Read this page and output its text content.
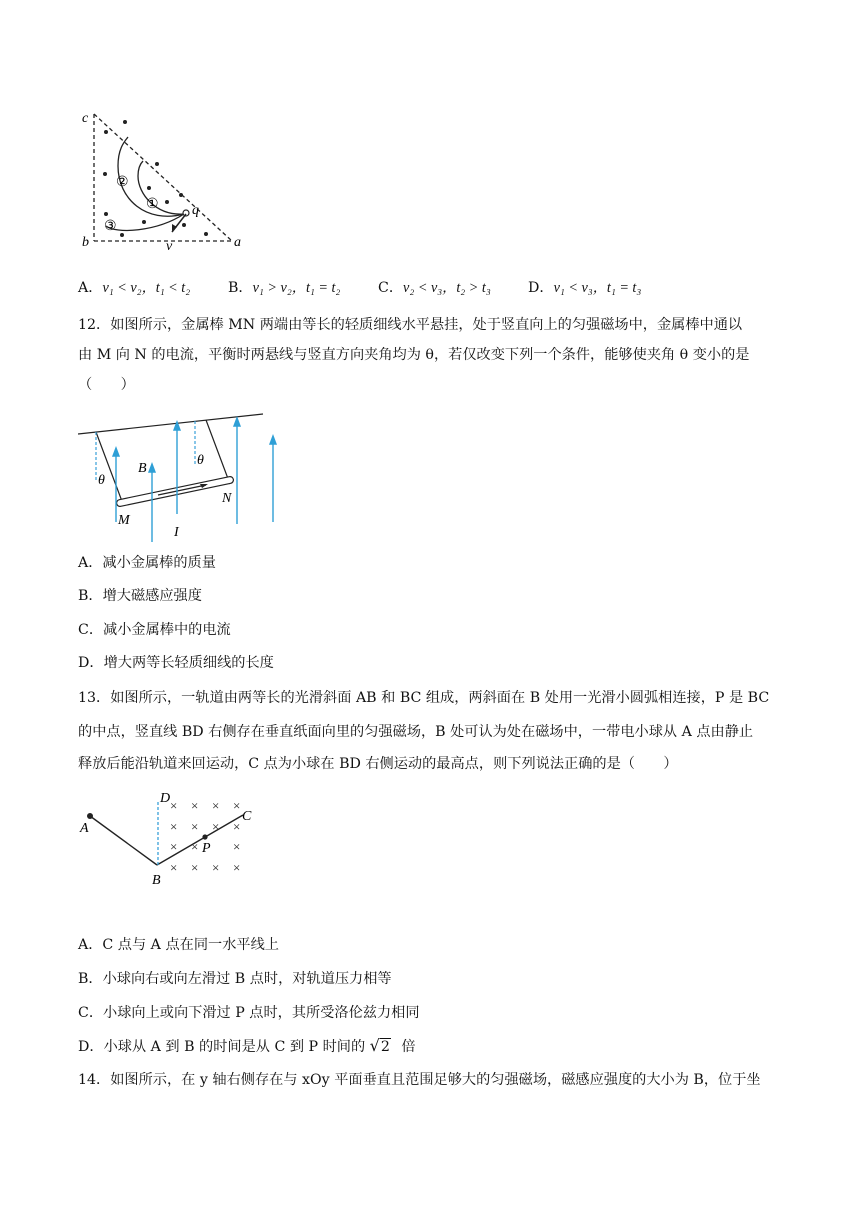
c
b	a
q
v
①
②
③
A．v₁ < v₂，t₁ < t₂	B．v₁ > v₂，t₁ = t₂	C．v₂ < v₃，t₂ > t₃	D．v₁ < v₃，t₁ = t₃
12．如图所示，金属棒 MN 两端由等长的轻质细线水平悬挂，处于竖直向上的匀强磁场中，金属棒中通以
由 M 向 N 的电流，平衡时两悬线与竖直方向夹角均为 θ，若仅改变下列一个条件，能够使夹角 θ 变小的是
（　　）
θ
θ
B
I
M
N
A．减小金属棒的质量
B．增大磁感应强度
C．减小金属棒中的电流
D．增大两等长轻质细线的长度
13．如图所示，一轨道由两等长的光滑斜面 AB 和 BC 组成，两斜面在 B 处用一光滑小圆弧相连接，P 是 BC
的中点，竖直线 BD 右侧存在垂直纸面向里的匀强磁场，B 处可认为处在磁场中，一带电小球从 A 点由静止
释放后能沿轨道来回运动，C 点为小球在 BD 右侧运动的最高点，则下列说法正确的是（　　）
× × × ×
× × × ×
× ×	×
× × × ×
A
B
C
D
P
A．C 点与 A 点在同一水平线上
B．小球向右或向左滑过 B 点时，对轨道压力相等
C．小球向上或向下滑过 P 点时，其所受洛伦兹力相同
D．小球从 A 到 B 的时间是从 C 到 P 时间的 √2 倍
14．如图所示，在 y 轴右侧存在与 xOy 平面垂直且范围足够大的匀强磁场，磁感应强度的大小为 B，位于坐
